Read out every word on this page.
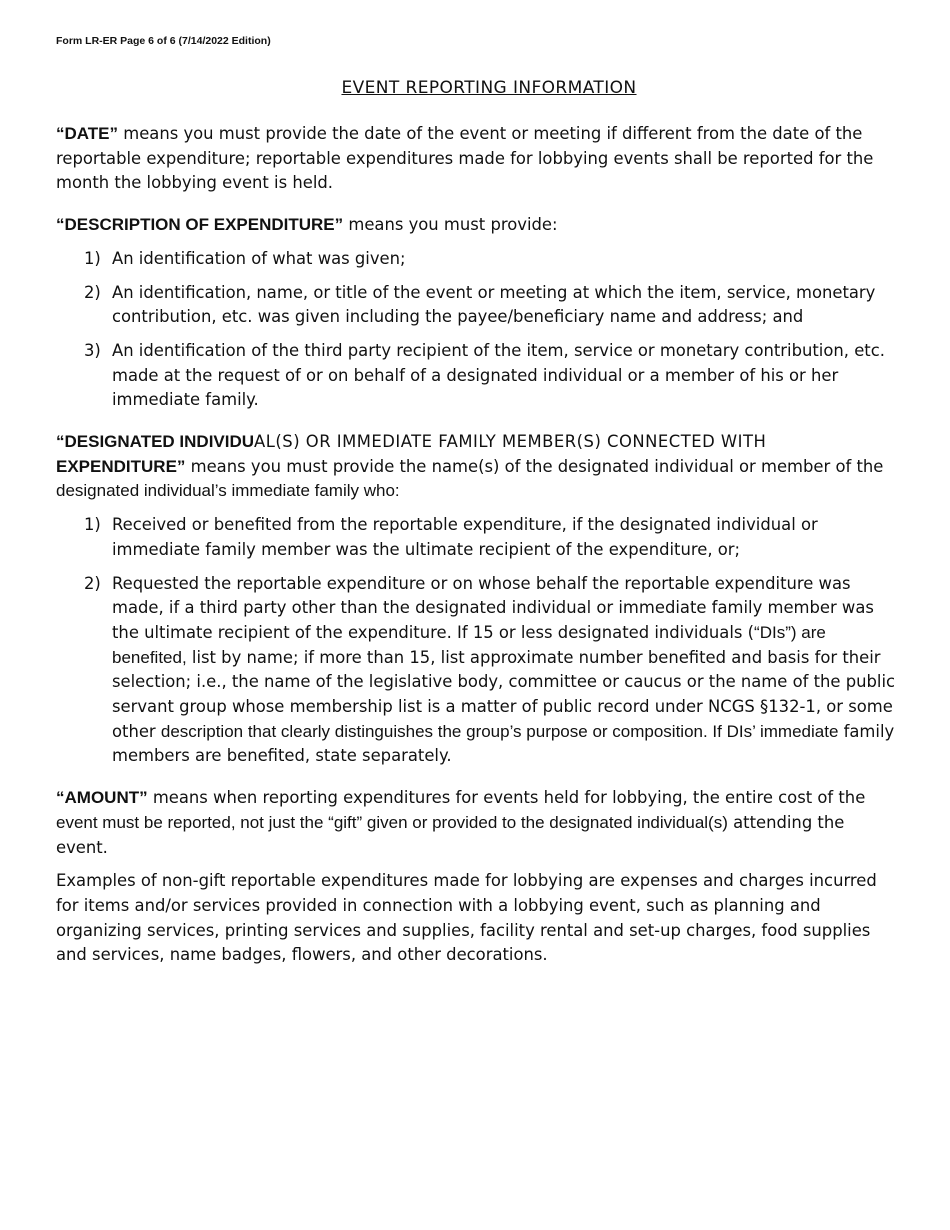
Form LR-ER Page 6 of 6 (7/14/2022 Edition)
EVENT REPORTING INFORMATION

“DATE” means you must provide the date of the event or meeting if different from the date of the reportable expenditure; reportable expenditures made for lobbying events shall be reported for the month the lobbying event is held.

“DESCRIPTION OF EXPENDITURE” means you must provide:

1) An identification of what was given;
2) An identification, name, or title of the event or meeting at which the item, service, monetary contribution, etc. was given including the payee/beneficiary name and address; and
3) An identification of the third party recipient of the item, service or monetary contribution, etc. made at the request of or on behalf of a designated individual or a member of his or her immediate family.

“DESIGNATED INDIVIDUAL(S) OR IMMEDIATE FAMILY MEMBER(S) CONNECTED WITH
EXPENDITURE” means you must provide the name(s) of the designated individual or member of the designated individual’s immediate family who:

1) Received or benefited from the reportable expenditure, if the designated individual or immediate family member was the ultimate recipient of the expenditure, or;
2) Requested the reportable expenditure or on whose behalf the reportable expenditure was made, if a third party other than the designated individual or immediate family member was the ultimate recipient of the expenditure. If 15 or less designated individuals (“DIs”) are benefited, list by name; if more than 15, list approximate number benefited and basis for their selection; i.e., the name of the legislative body, committee or caucus or the name of the public servant group whose membership list is a matter of public record under NCGS §132-1, or some other description that clearly distinguishes the group’s purpose or composition. If DIs’ immediate family members are benefited, state separately.

“AMOUNT” means when reporting expenditures for events held for lobbying, the entire cost of the event must be reported, not just the “gift” given or provided to the designated individual(s) attending the event.

Examples of non-gift reportable expenditures made for lobbying are expenses and charges incurred for items and/or services provided in connection with a lobbying event, such as planning and organizing services, printing services and supplies, facility rental and set-up charges, food supplies and services, name badges, flowers, and other decorations.
